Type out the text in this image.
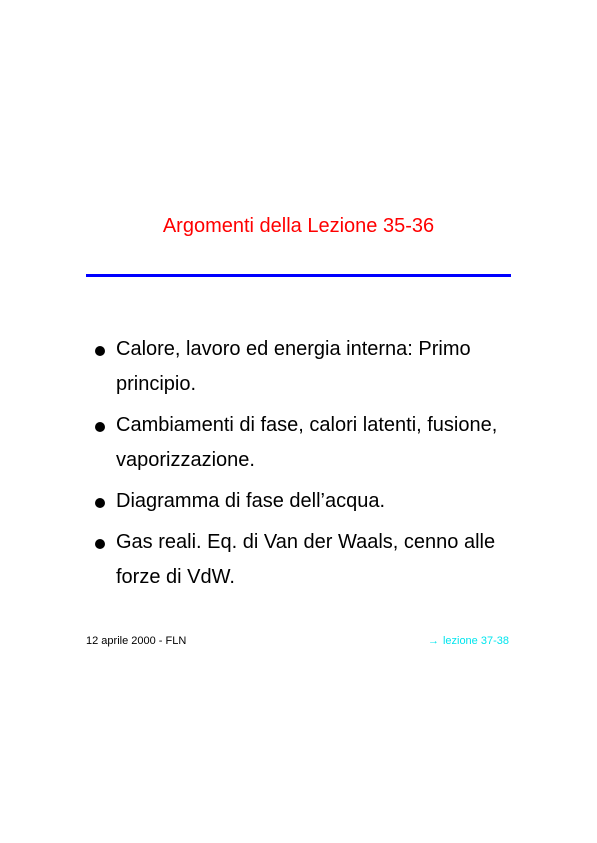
Argomenti della Lezione 35-36
Calore, lavoro ed energia interna: Primo principio.
Cambiamenti di fase, calori latenti, fusione, vaporizzazione.
Diagramma di fase dell’acqua.
Gas reali. Eq. di Van der Waals, cenno alle forze di VdW.
12 aprile 2000 - FLN	→ lezione 37-38
